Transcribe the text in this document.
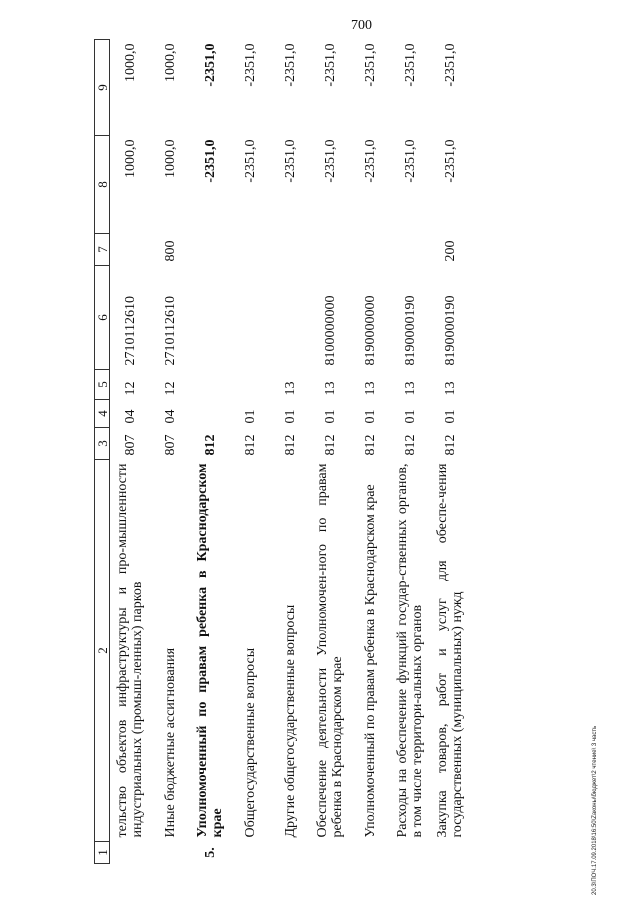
700
1	2	3	4	5	6	7	8	9
	тельство объектов инфраструктуры и про-мышленности индустриальных (промыш-ленных) парков	807	04	12	2710112610		1000,0	1000,0
	Иные бюджетные ассигнования	807	04	12	2710112610	800	1000,0	1000,0
5.	Уполномоченный по правам ребенка в Краснодарском крае	812					-2351,0	-2351,0
	Общегосударственные вопросы	812	01				-2351,0	-2351,0
	Другие общегосударственные вопросы	812	01	13			-2351,0	-2351,0
	Обеспечение деятельности Уполномочен-ного по правам ребенка в Краснодарском крае	812	01	13	8100000000		-2351,0	-2351,0
	Уполномоченный по правам ребенка в Краснодарском крае	812	01	13	8190000000		-2351,0	-2351,0
	Расходы на обеспечение функций государ-ственных органов, в том числе территори-альных органов	812	01	13	8190000190		-2351,0	-2351,0
	Закупка товаров, работ и услуг для обеспе-чения государственных (муниципальных) нужд	812	01	13	8190000190	200	-2351,0	-2351,0
20.3\ПОЧ.17.09.2018\16:50\Zаконы\бюджет\2 чтение\ 3 часть
